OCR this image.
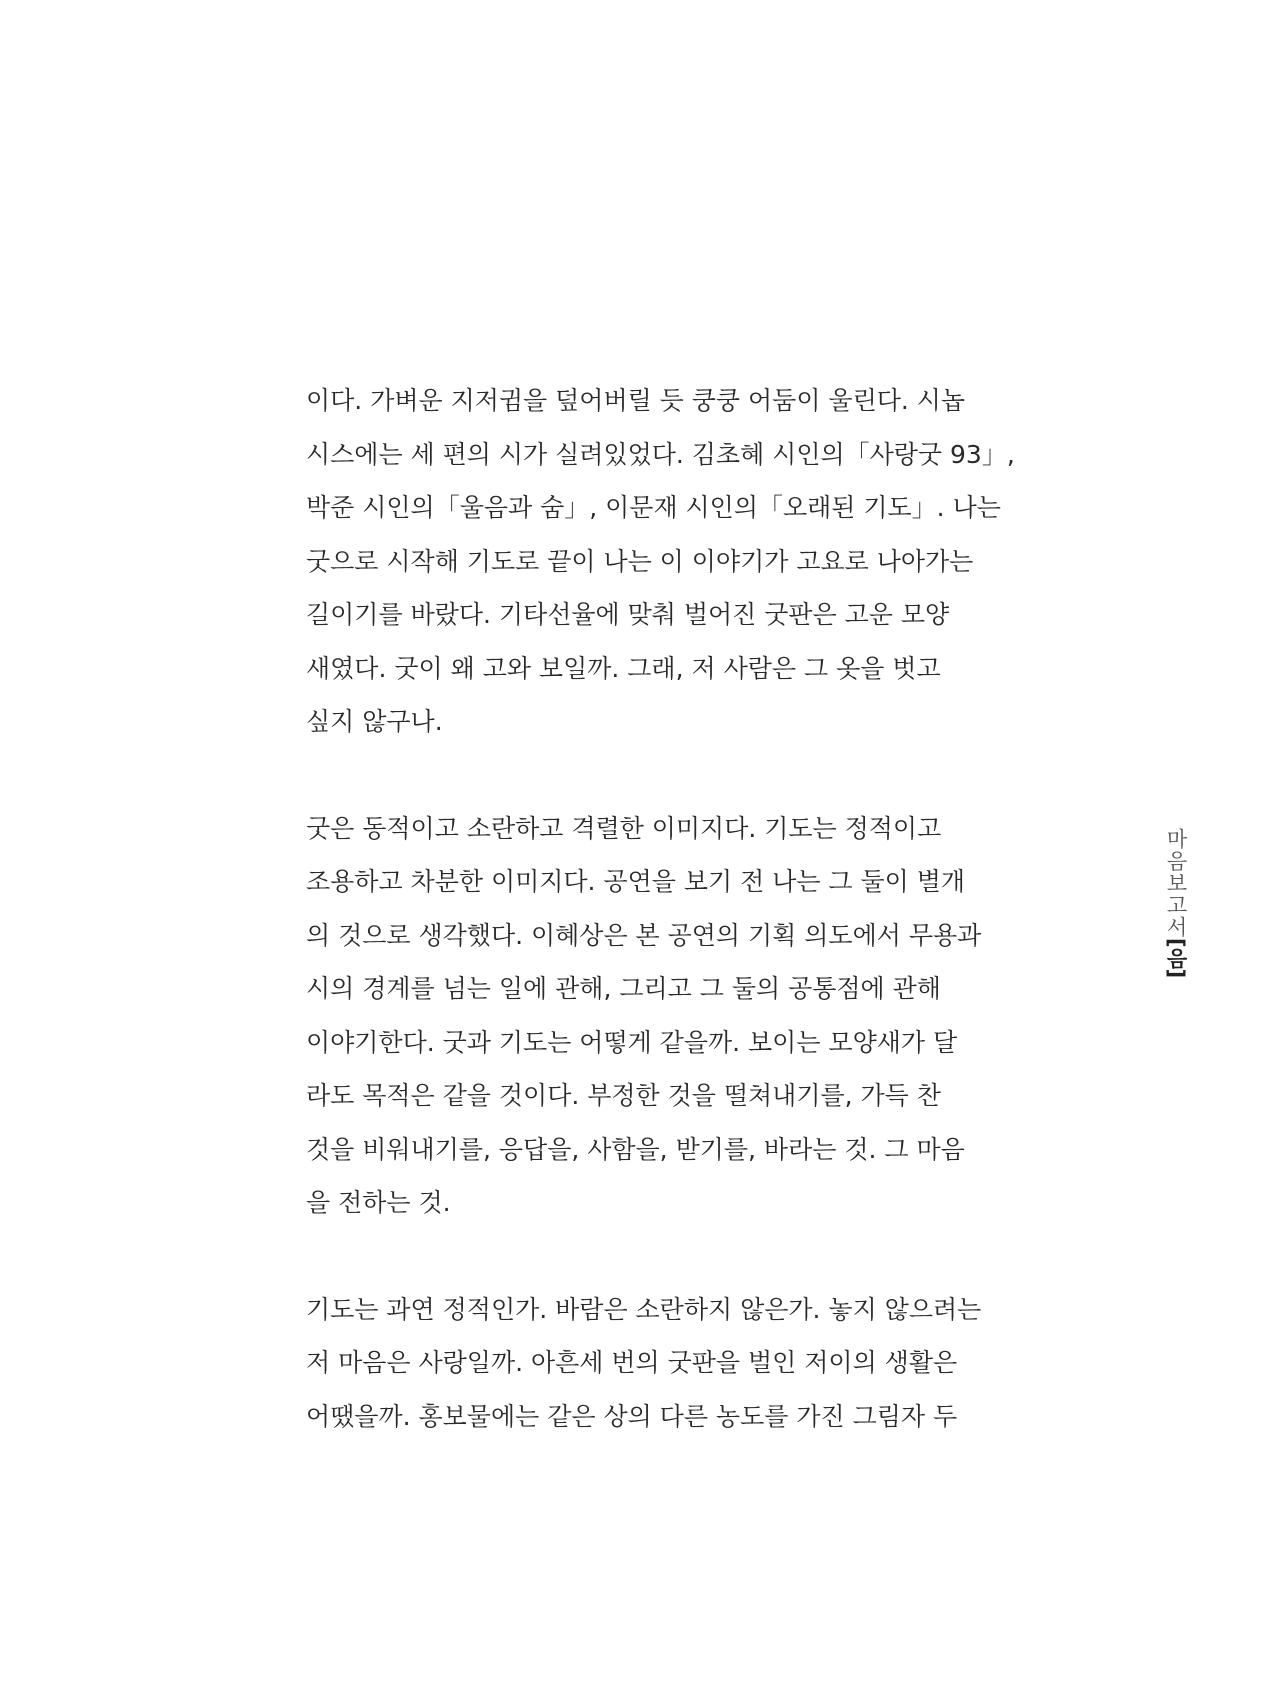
이다. 가벼운 지저귐을 덮어버릴 듯 쿵쿵 어둠이 울린다. 시놉
시스에는 세 편의 시가 실려있었다. 김초혜 시인의「사랑굿 93」,
박준 시인의「울음과 숨」, 이문재 시인의「오래된 기도」. 나는
굿으로 시작해 기도로 끝이 나는 이 이야기가 고요로 나아가는
길이기를 바랐다. 기타선율에 맞춰 벌어진 굿판은 고운 모양
새였다. 굿이 왜 고와 보일까. 그래, 저 사람은 그 옷을 벗고
싶지 않구나.
굿은 동적이고 소란하고 격렬한 이미지다. 기도는 정적이고
조용하고 차분한 이미지다. 공연을 보기 전 나는 그 둘이 별개
의 것으로 생각했다. 이혜상은 본 공연의 기획 의도에서 무용과
시의 경계를 넘는 일에 관해, 그리고 그 둘의 공통점에 관해
이야기한다. 굿과 기도는 어떻게 같을까. 보이는 모양새가 달
라도 목적은 같을 것이다. 부정한 것을 떨쳐내기를, 가득 찬
것을 비워내기를, 응답을, 사함을, 받기를, 바라는 것. 그 마음
을 전하는 것.
기도는 과연 정적인가. 바람은 소란하지 않은가. 놓지 않으려는
저 마음은 사랑일까. 아흔세 번의 굿판을 벌인 저이의 생활은
어땠을까. 홍보물에는 같은 상의 다른 농도를 가진 그림자 두
마음보고서[음]
